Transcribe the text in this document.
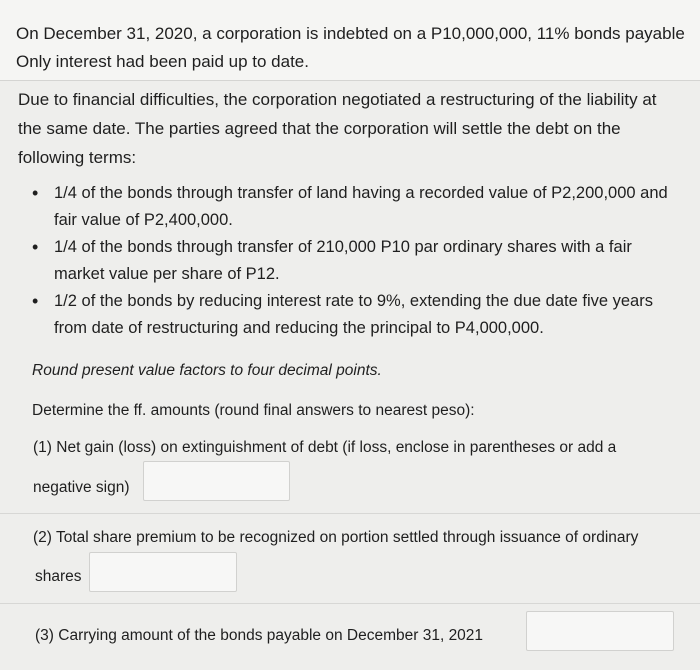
On December 31, 2020, a corporation is indebted on a P10,000,000, 11% bonds payable

Only interest had been paid up to date.

Due to financial difficulties, the corporation negotiated a restructuring of the liability at

the same date. The parties agreed that the corporation will settle the debt on the

following terms:

• 1/4 of the bonds through transfer of land having a recorded value of P2,200,000 and
fair value of P2,400,000.
• 1/4 of the bonds through transfer of 210,000 P10 par ordinary shares with a fair
market value per share of P12.
• 1/2 of the bonds by reducing interest rate to 9%, extending the due date five years
from date of restructuring and reducing the principal to P4,000,000.

Round present value factors to four decimal points.

Determine the ff. amounts (round final answers to nearest peso):

(1) Net gain (loss) on extinguishment of debt (if loss, enclose in parentheses or add a

negative sign)

(2) Total share premium to be recognized on portion settled through issuance of ordinary

shares

(3) Carrying amount of the bonds payable on December 31, 2021
